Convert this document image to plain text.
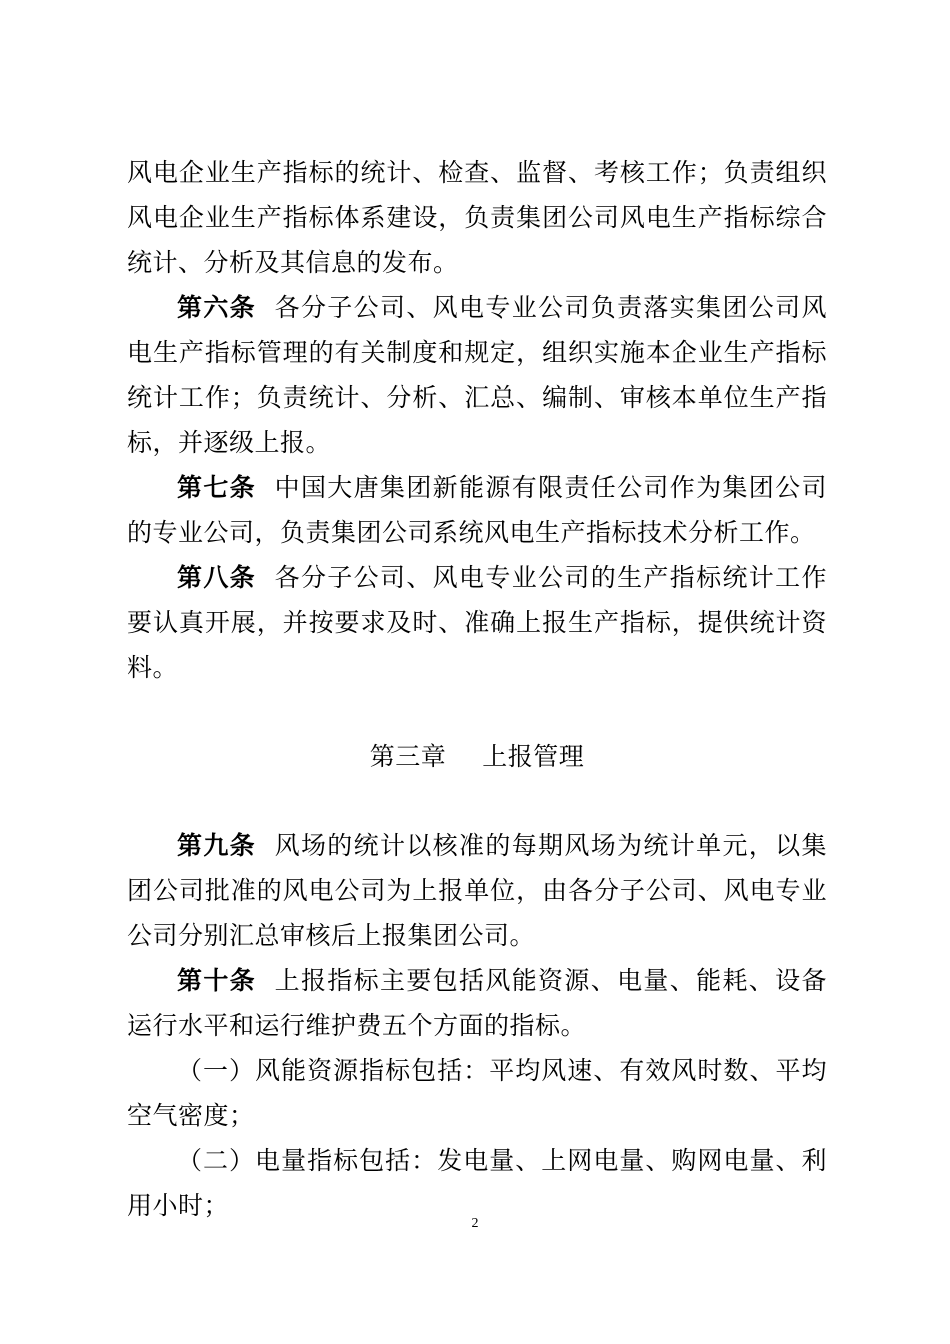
风电企业生产指标的统计、检查、监督、考核工作；负责组织风电企业生产指标体系建设，负责集团公司风电生产指标综合统计、分析及其信息的发布。

第六条 各分子公司、风电专业公司负责落实集团公司风电生产指标管理的有关制度和规定，组织实施本企业生产指标统计工作；负责统计、分析、汇总、编制、审核本单位生产指标，并逐级上报。

第七条 中国大唐集团新能源有限责任公司作为集团公司的专业公司，负责集团公司系统风电生产指标技术分析工作。

第八条 各分子公司、风电专业公司的生产指标统计工作要认真开展，并按要求及时、准确上报生产指标，提供统计资料。

第三章 上报管理

第九条 风场的统计以核准的每期风场为统计单元，以集团公司批准的风电公司为上报单位，由各分子公司、风电专业公司分别汇总审核后上报集团公司。

第十条 上报指标主要包括风能资源、电量、能耗、设备运行水平和运行维护费五个方面的指标。

（一）风能资源指标包括：平均风速、有效风时数、平均空气密度；

（二）电量指标包括：发电量、上网电量、购网电量、利用小时；

2
